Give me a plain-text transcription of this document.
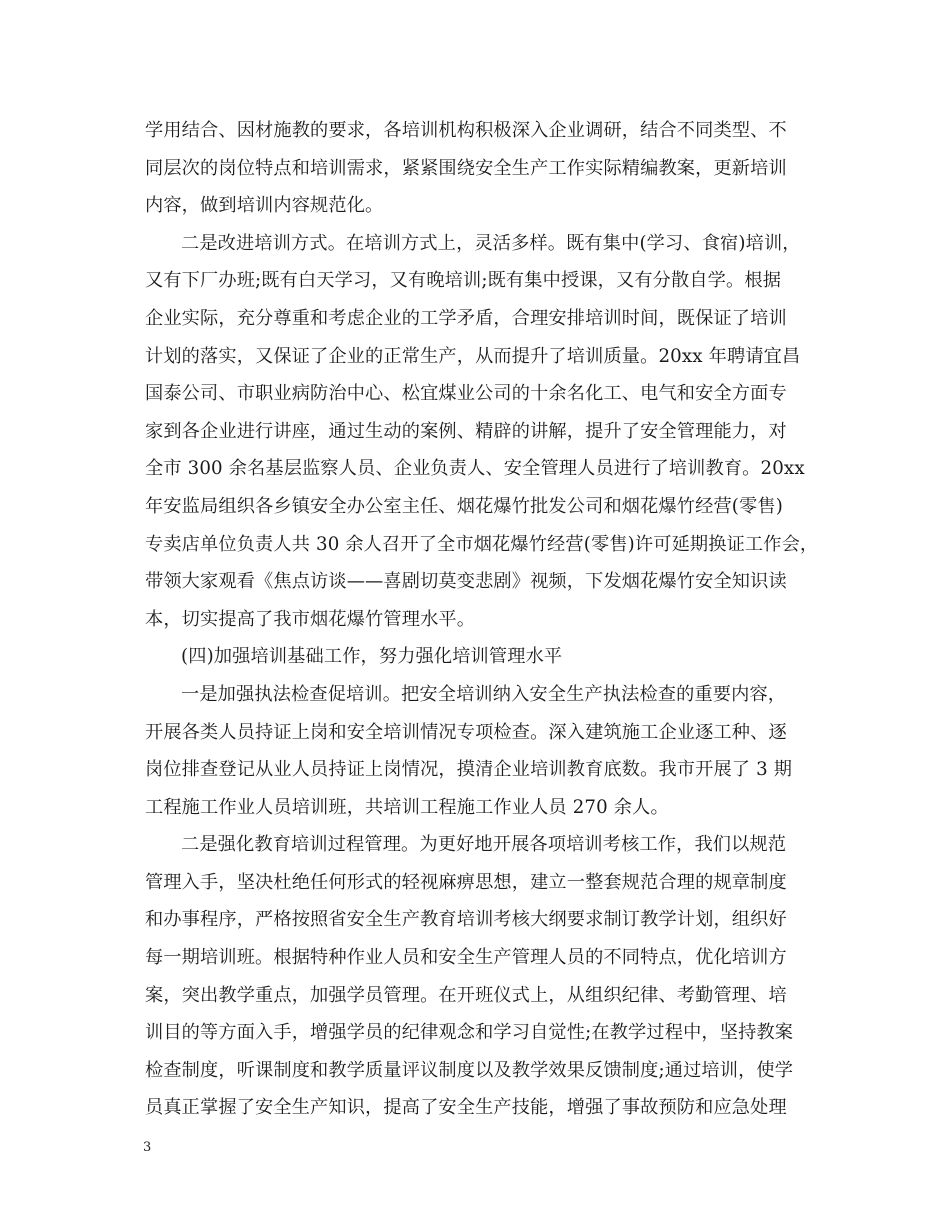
学用结合、因材施教的要求，各培训机构积极深入企业调研，结合不同类型、不
同层次的岗位特点和培训需求，紧紧围绕安全生产工作实际精编教案，更新培训
内容，做到培训内容规范化。
二是改进培训方式。在培训方式上，灵活多样。既有集中(学习、食宿)培训，
又有下厂办班;既有白天学习，又有晚培训;既有集中授课，又有分散自学。根据
企业实际，充分尊重和考虑企业的工学矛盾，合理安排培训时间，既保证了培训
计划的落实，又保证了企业的正常生产，从而提升了培训质量。20xx 年聘请宜昌
国泰公司、市职业病防治中心、松宜煤业公司的十余名化工、电气和安全方面专
家到各企业进行讲座，通过生动的案例、精辟的讲解，提升了安全管理能力，对
全市 300 余名基层监察人员、企业负责人、安全管理人员进行了培训教育。20xx
年安监局组织各乡镇安全办公室主任、烟花爆竹批发公司和烟花爆竹经营(零售)
专卖店单位负责人共 30 余人召开了全市烟花爆竹经营(零售)许可延期换证工作会，
带领大家观看《焦点访谈——喜剧切莫变悲剧》视频，下发烟花爆竹安全知识读
本，切实提高了我市烟花爆竹管理水平。
(四)加强培训基础工作，努力强化培训管理水平
一是加强执法检查促培训。把安全培训纳入安全生产执法检查的重要内容，
开展各类人员持证上岗和安全培训情况专项检查。深入建筑施工企业逐工种、逐
岗位排查登记从业人员持证上岗情况，摸清企业培训教育底数。我市开展了 3 期
工程施工作业人员培训班，共培训工程施工作业人员 270 余人。
二是强化教育培训过程管理。为更好地开展各项培训考核工作，我们以规范
管理入手，坚决杜绝任何形式的轻视麻痹思想，建立一整套规范合理的规章制度
和办事程序，严格按照省安全生产教育培训考核大纲要求制订教学计划，组织好
每一期培训班。根据特种作业人员和安全生产管理人员的不同特点，优化培训方
案，突出教学重点，加强学员管理。在开班仪式上，从组织纪律、考勤管理、培
训目的等方面入手，增强学员的纪律观念和学习自觉性;在教学过程中，坚持教案
检查制度，听课制度和教学质量评议制度以及教学效果反馈制度;通过培训，使学
员真正掌握了安全生产知识，提高了安全生产技能，增强了事故预防和应急处理
3
